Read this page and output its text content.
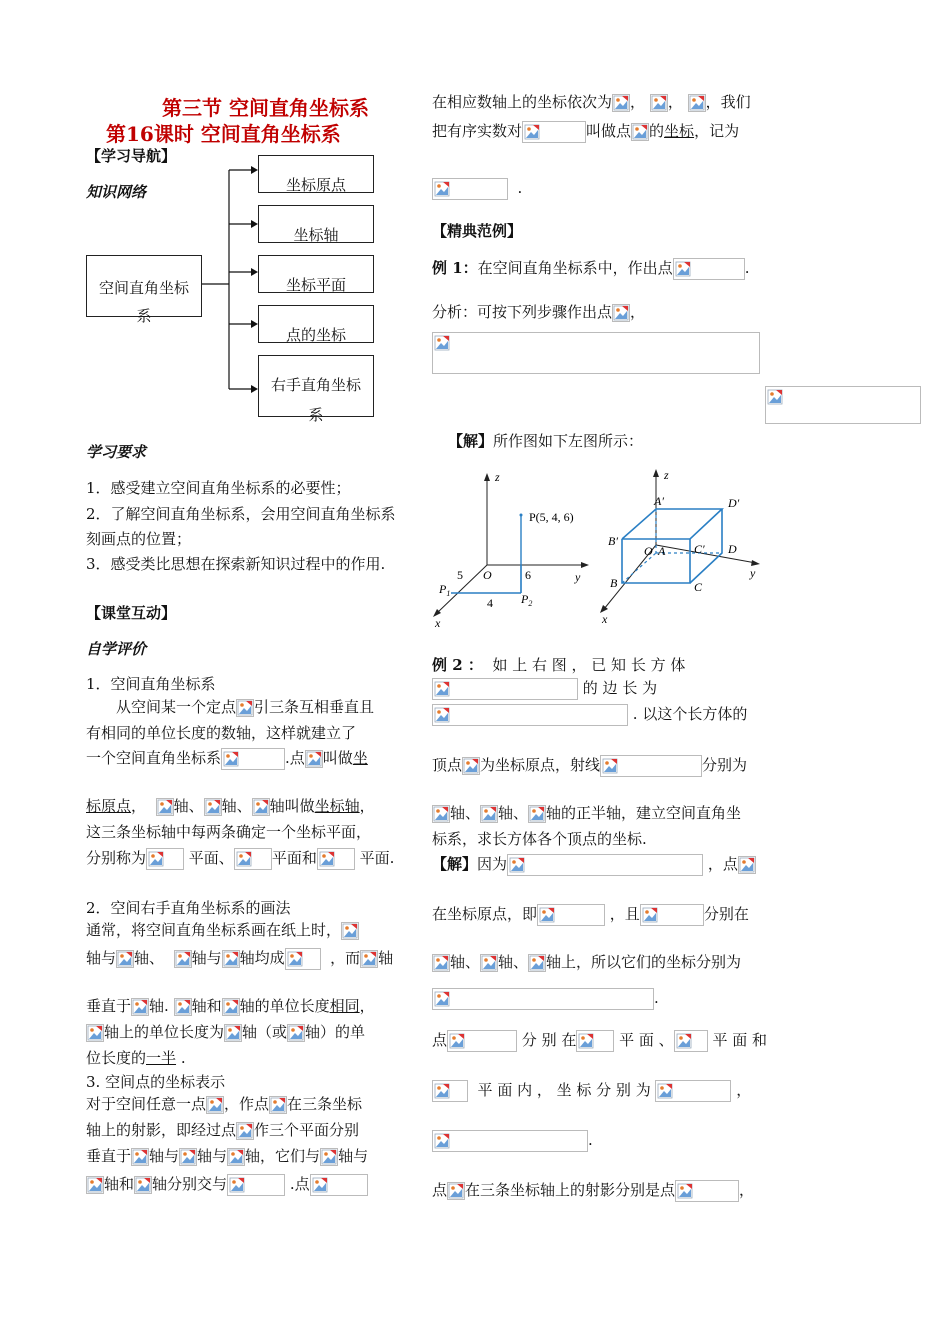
第三节 空间直角坐标系
第16课时 空间直角坐标系
【学习导航】
知识网络
空间直角坐标系
坐标原点
坐标轴
坐标平面
点的坐标
右手直角坐标系
学习要求
1．感受建立空间直角坐标系的必要性；
2．了解空间直角坐标系，会用空间直角坐标系刻画点的位置；
3．感受类比思想在探索新知识过程中的作用.
【课堂互动】
自学评价
1．空间直角坐标系
从空间某一个定点 引三条互相垂直且
有相同的单位长度的数轴，这样就建立了
一个空间直角坐标系	.点 叫做坐
标原点， 轴、 轴、 轴叫做坐标轴，
这三条坐标轴中每两条确定一个坐标平面，
分别称为	平面、	平面和	平面.
2．空间右手直角坐标系的画法
通常，将空间直角坐标系画在纸上时，
轴与 轴、 轴与 轴均成	，而 轴
垂直于 轴. 轴和 轴的单位长度相同，
轴上的单位长度为 轴（或 轴）的单
位长度的一半 .
3. 空间点的坐标表示
对于空间任意一点 ，作点 在三条坐标
轴上的射影，即经过点 作三个平面分别
垂直于 轴与 轴与 轴，它们与 轴与
轴和 轴分别交与	.点
在相应数轴上的坐标依次为 ， ， ，我们
把有序实数对	叫做点 的坐标，记为
.
【精典范例】
例 1：在空间直角坐标系中，作出点	.
分析：可按下列步骤作出点 ，

【解】所作图如下左图所示：
z
y
x
O
P(5, 4, 6)
5	6
4
$P_1$	$P_2$
z
y
x
A′	D′
B′
C′
O A	D
B	C
例 2 ： 如 上 右 图 ， 已 知 长 方 体
的 边 长 为
. 以这个长方体的
顶点 为坐标原点，射线	分别为
轴、 轴、 轴的正半轴，建立空间直角坐
标系，求长方体各个顶点的坐标.
【解】因为	，点
在坐标原点，即	，且	分别在
轴、 轴、 轴上，所以它们的坐标分别为
.
点	分 别 在	平 面 、	平 面 和
平 面 内 ， 坐 标 分 别 为	，
.
点 在三条坐标轴上的射影分别是点	，
